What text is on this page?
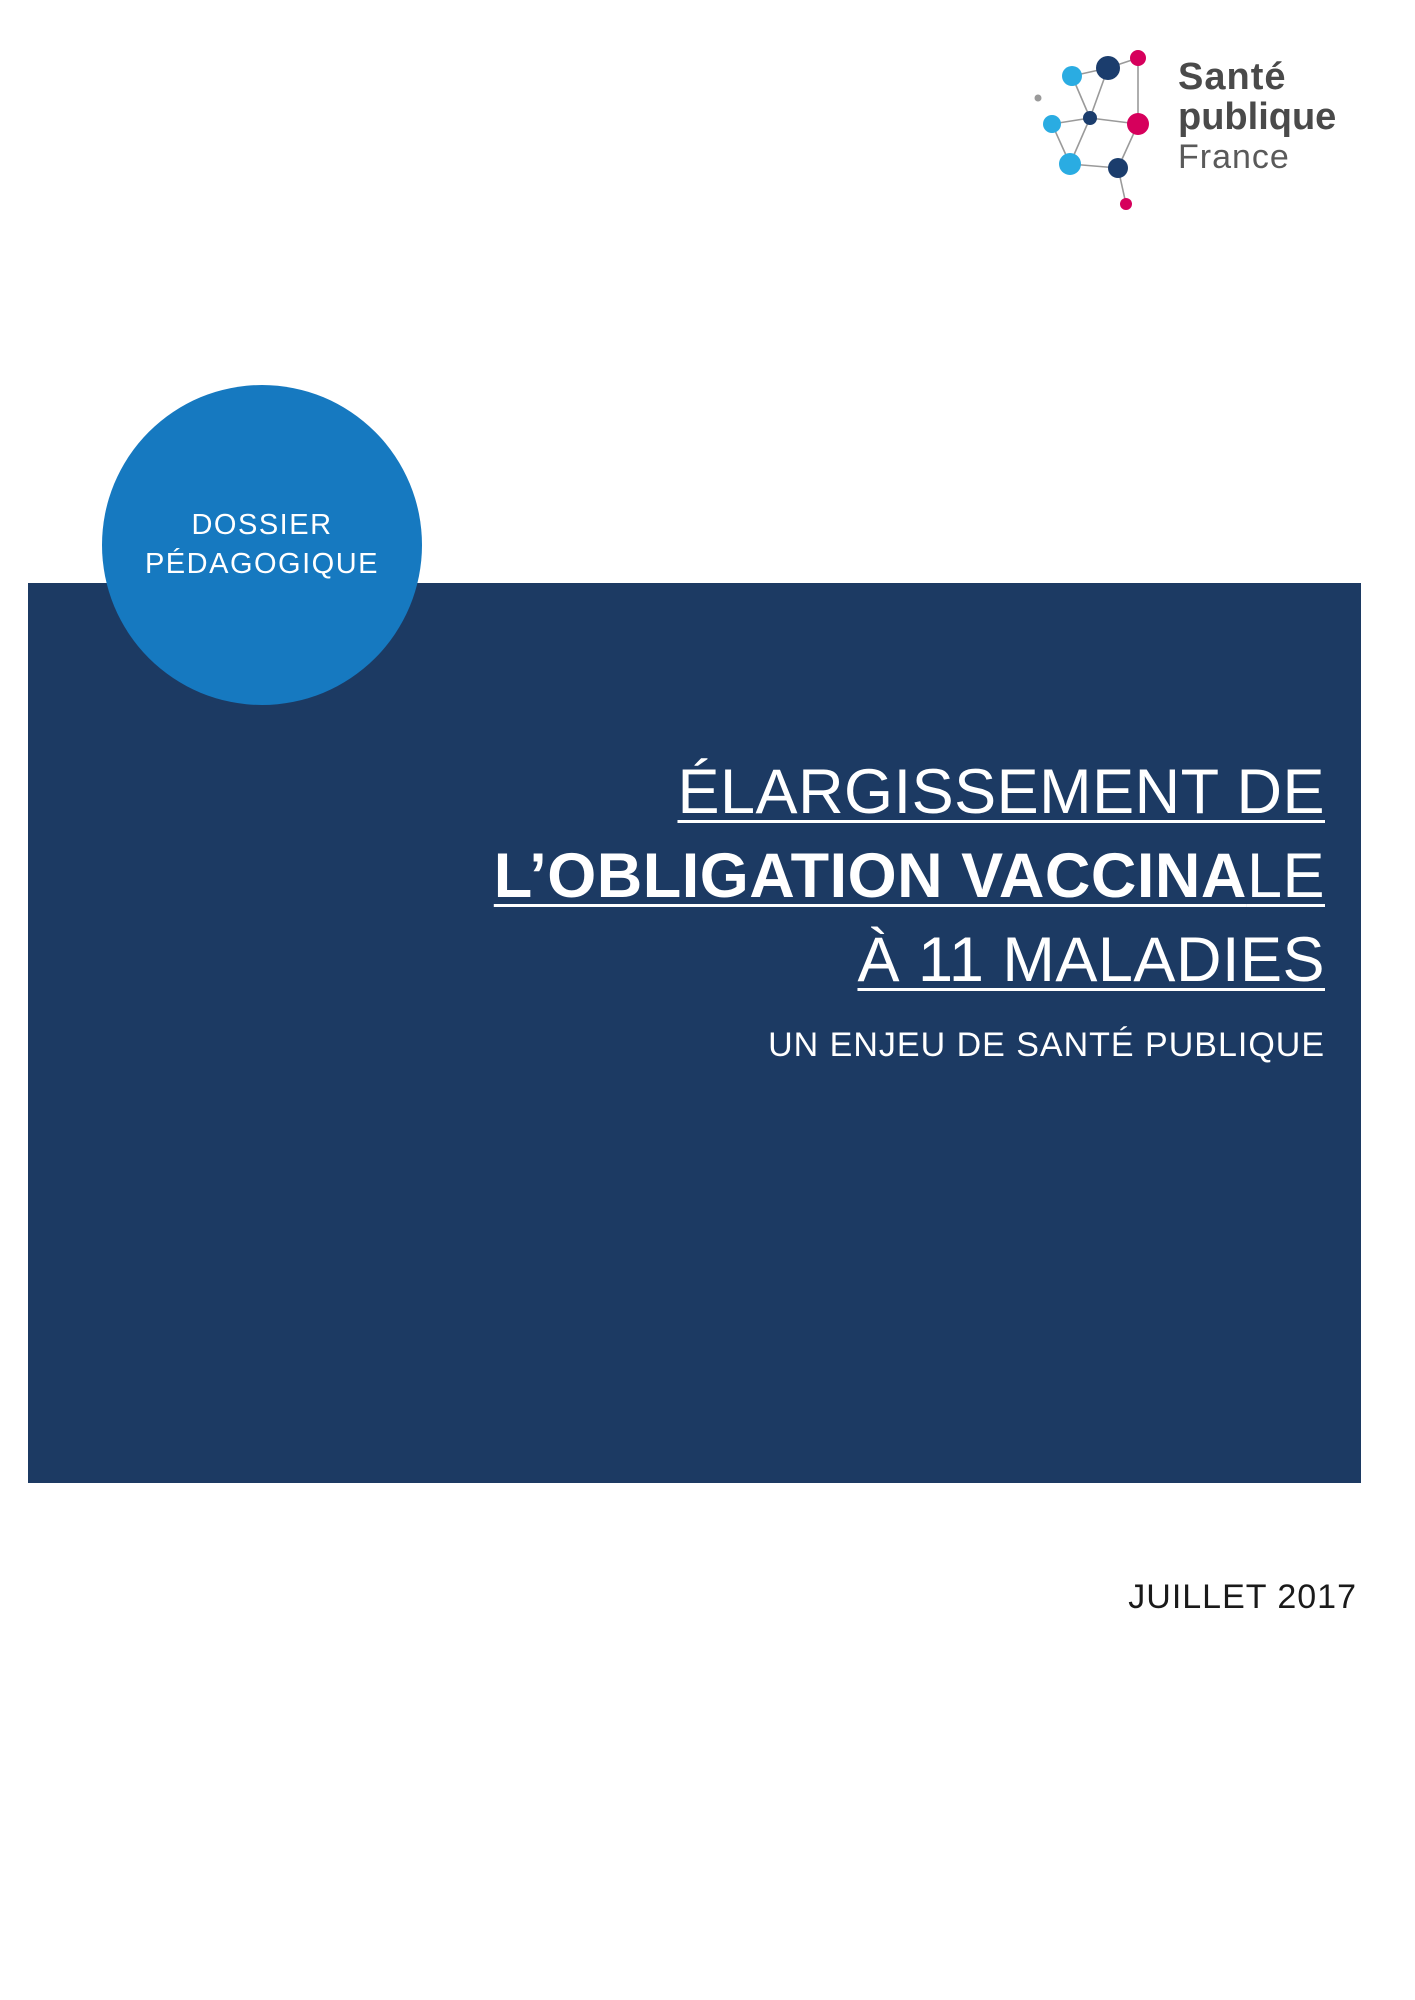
Santé
publique
France
ÉLARGISSEMENT DE
L’OBLIGATION VACCINALE
À 11 MALADIES
UN ENJEU DE SANTÉ PUBLIQUE
DOSSIER
PÉDAGOGIQUE
JUILLET 2017
